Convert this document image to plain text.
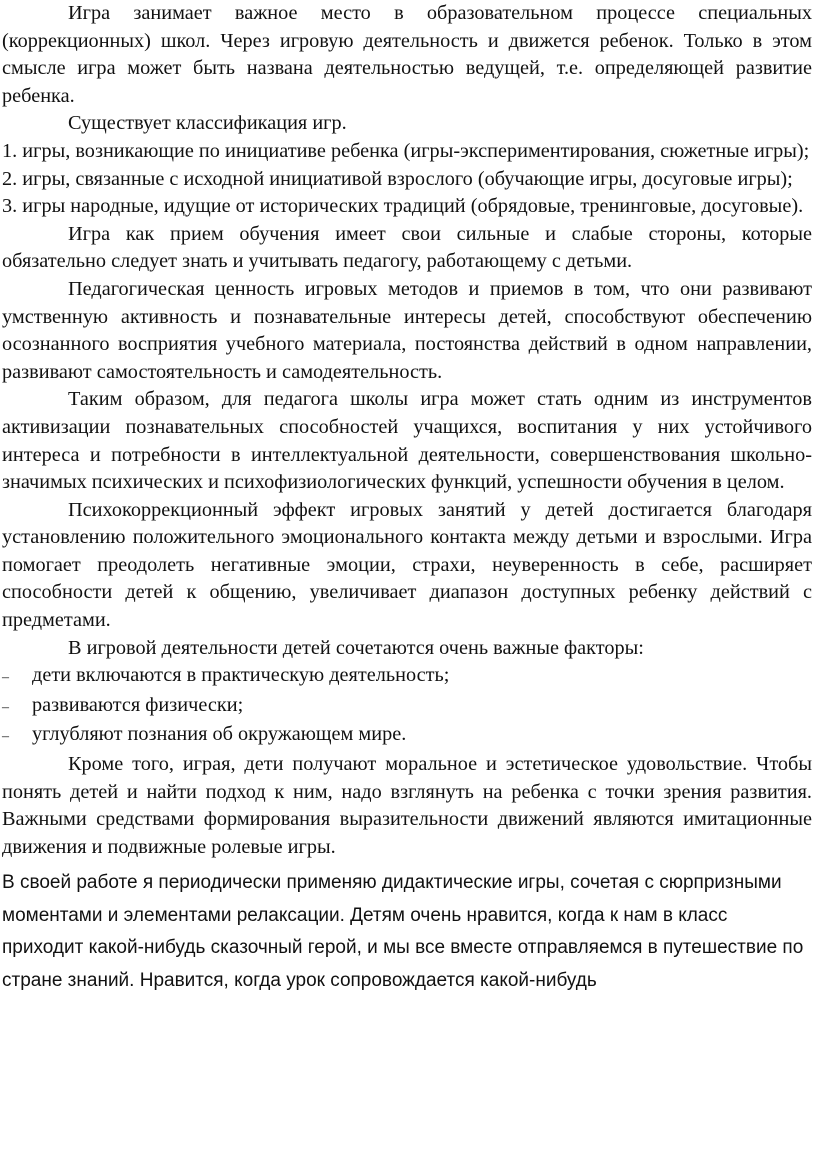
Игра занимает важное место в образовательном процессе специальных (коррекционных) школ. Через игровую деятельность и движется ребенок. Только в этом смысле игра может быть названа деятельностью ведущей, т.е. определяющей развитие ребенка.

Существует классификация игр.

1. игры, возникающие по инициативе ребенка (игры-экспериментирования, сюжетные игры);

2. игры, связанные с исходной инициативой взрослого (обучающие игры, досуговые игры);

3. игры народные, идущие от исторических традиций (обрядовые, тренинговые, досуговые).

Игра как прием обучения имеет свои сильные и слабые стороны, которые обязательно следует знать и учитывать педагогу, работающему с детьми.

Педагогическая ценность игровых методов и приемов в том, что они развивают умственную активность и познавательные интересы детей, способствуют обеспечению осознанного восприятия учебного материала, постоянства действий в одном направлении, развивают самостоятельность и самодеятельность.

Таким образом, для педагога школы игра может стать одним из инструментов активизации познавательных способностей учащихся, воспитания у них устойчивого интереса и потребности в интеллектуальной деятельности, совершенствования школьно-значимых психических и психофизиологических функций, успешности обучения в целом.

Психокоррекционный эффект игровых занятий у детей достигается благодаря установлению положительного эмоционального контакта между детьми и взрослыми. Игра помогает преодолеть негативные эмоции, страхи, неуверенность в себе, расширяет способности детей к общению, увеличивает диапазон доступных ребенку действий с предметами.

В игровой деятельности детей сочетаются очень важные факторы:

–	дети включаются в практическую деятельность;
–	развиваются физически;
–	углубляют познания об окружающем мире.

Кроме того, играя, дети получают моральное и эстетическое удовольствие. Чтобы понять детей и найти подход к ним, надо взглянуть на ребенка с точки зрения развития. Важными средствами формирования выразительности движений являются имитационные движения и подвижные ролевые игры.

В своей работе я периодически применяю дидактические игры, сочетая с сюрпризными моментами и элементами релаксации. Детям очень нравится, когда к нам в класс приходит какой-нибудь сказочный герой, и мы все вместе отправляемся в путешествие по стране знаний. Нравится, когда урок сопровождается какой-нибудь
